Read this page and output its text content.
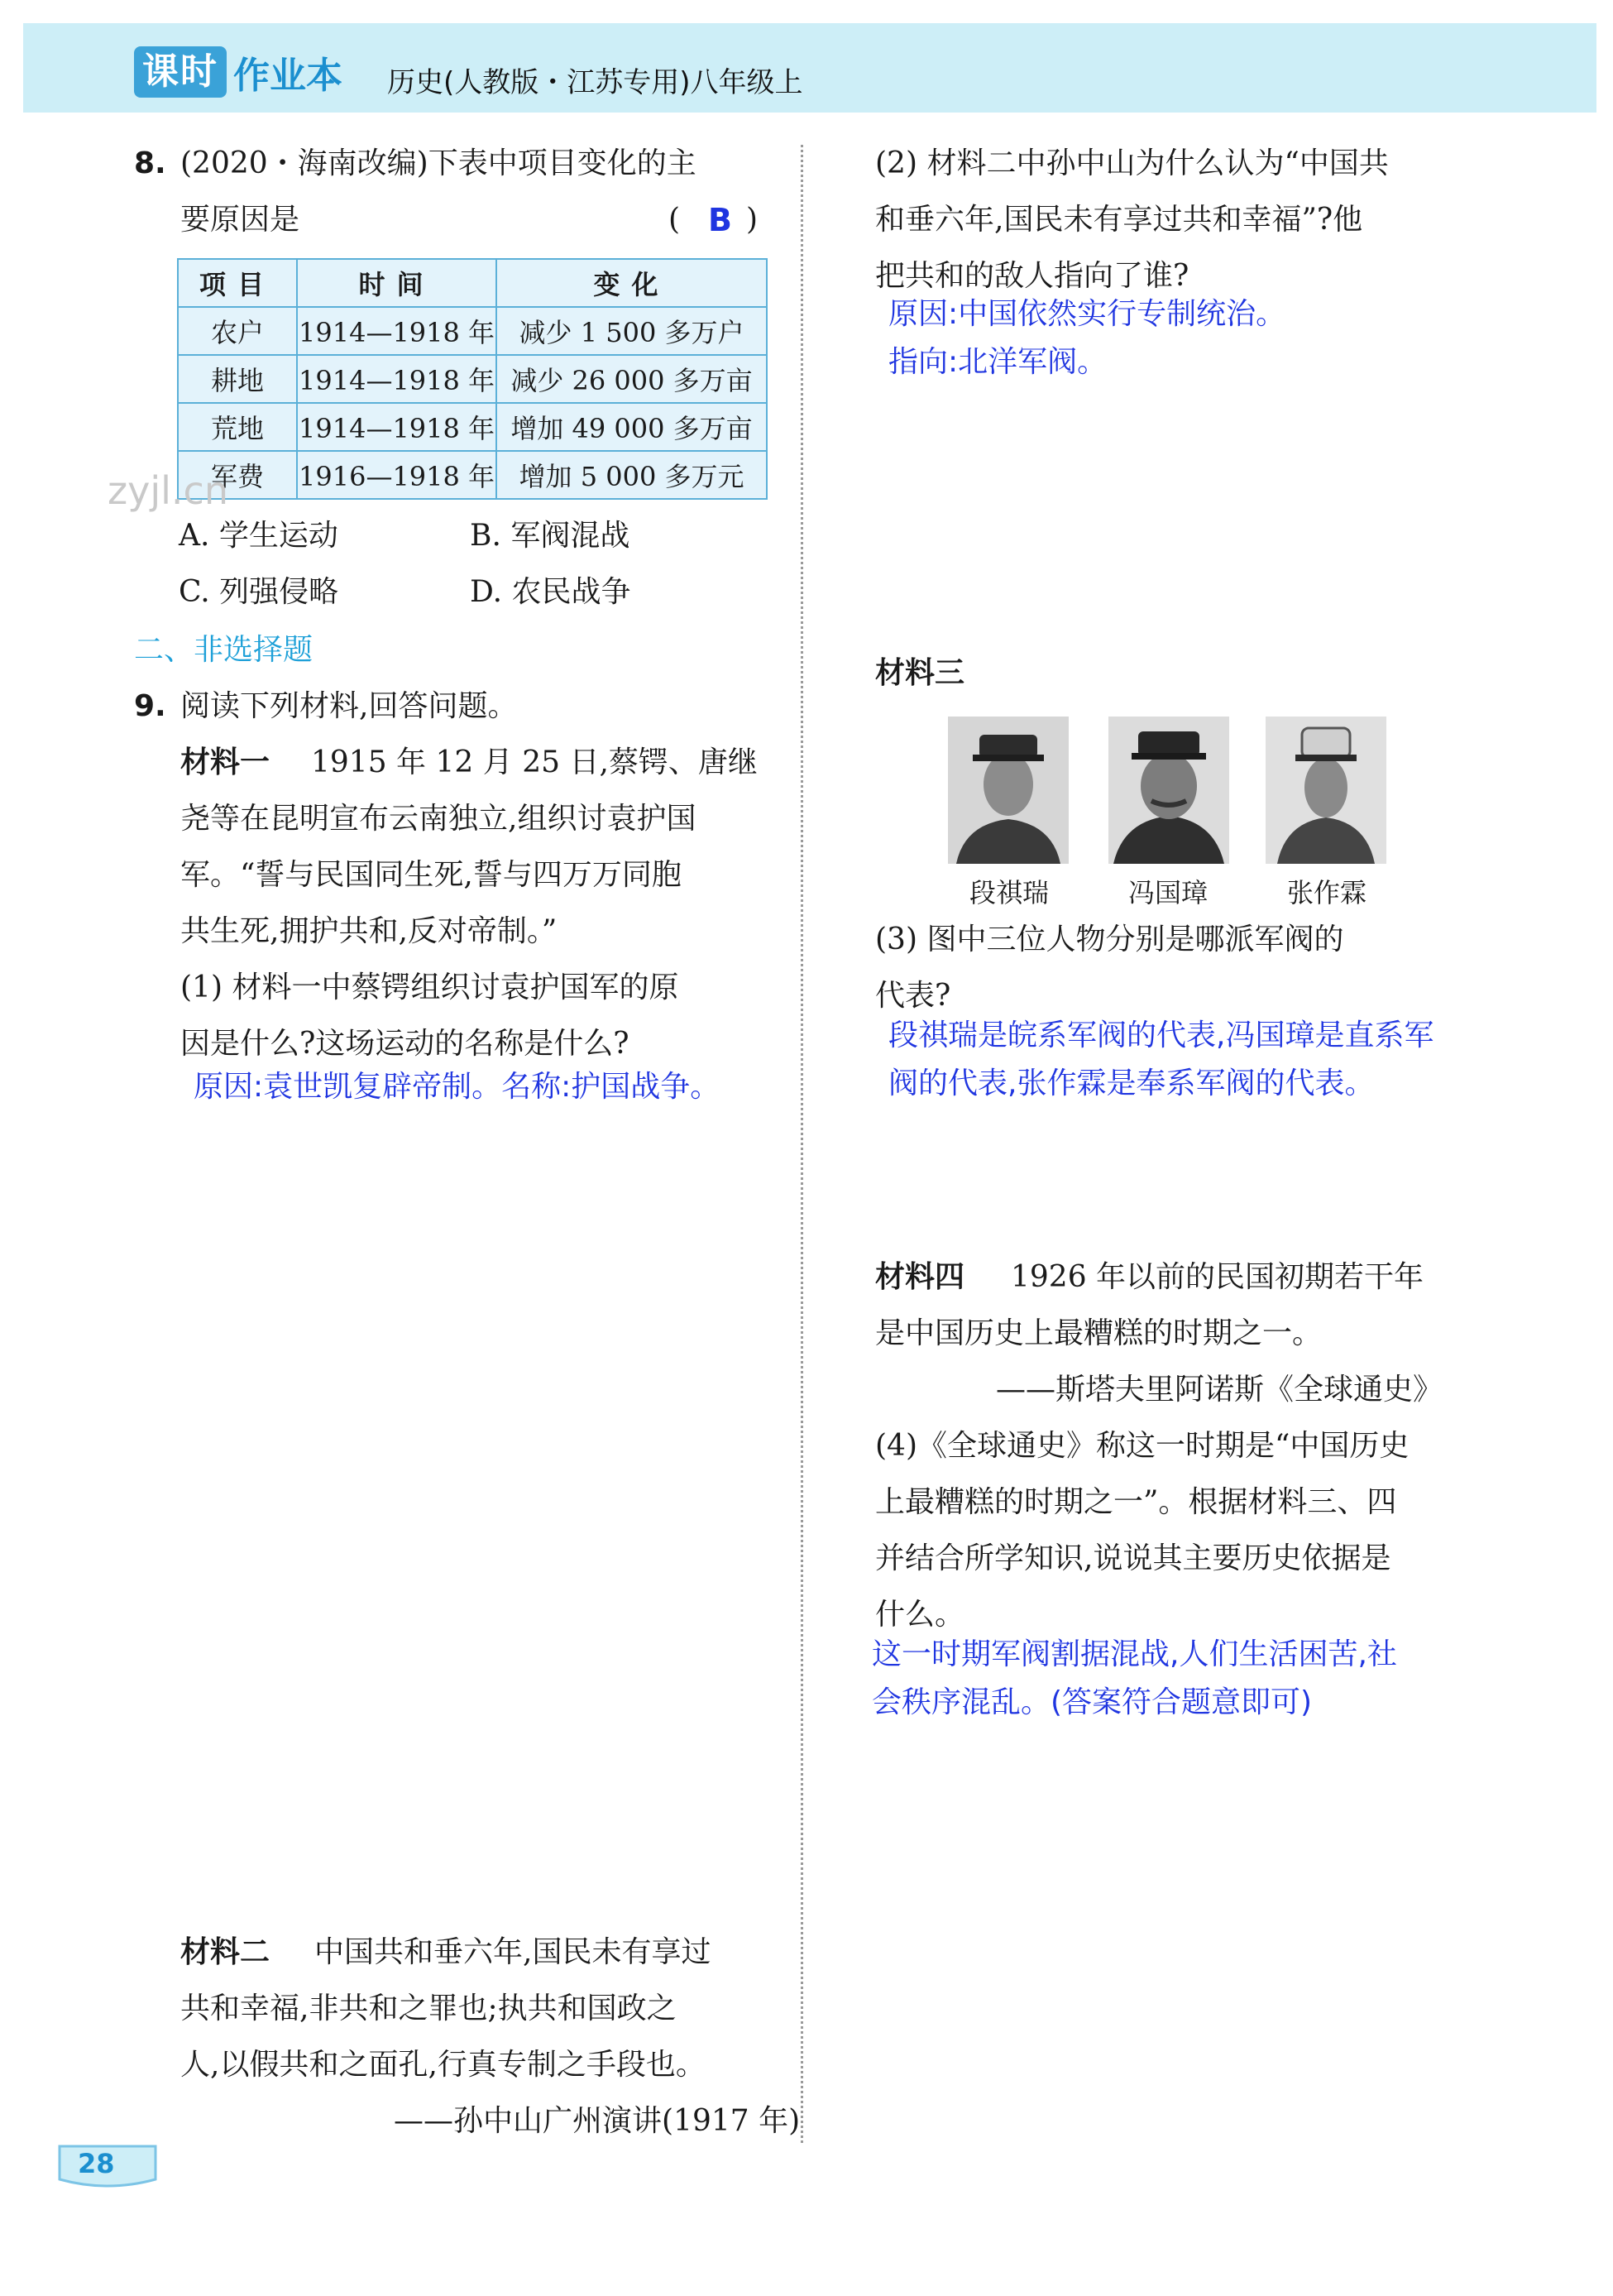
课时 作业本 历史(人教版・江苏专用)八年级上
8. (2020・海南改编)下表中项目变化的主
要原因是	( B )
项目	时间	变化
农户	1914—1918 年	减少 1 500 多万户
耕地	1914—1918 年	减少 26 000 多万亩
荒地	1914—1918 年	增加 49 000 多万亩
军费	1916—1918 年	增加 5 000 多万元
zyjl.cn
A. 学生运动	B. 军阀混战
C. 列强侵略	D. 农民战争
二、非选择题
9. 阅读下列材料,回答问题。
材料一 1915 年 12 月 25 日,蔡锷、唐继
尧等在昆明宣布云南独立,组织讨袁护国
军。“誓与民国同生死,誓与四万万同胞
共生死,拥护共和,反对帝制。”
(1) 材料一中蔡锷组织讨袁护国军的原
因是什么?这场运动的名称是什么?
原因:袁世凯复辟帝制。名称:护国战争。
材料二 中国共和垂六年,国民未有享过
共和幸福,非共和之罪也;执共和国政之
人,以假共和之面孔,行真专制之手段也。
——孙中山广州演讲(1917 年)
(2) 材料二中孙中山为什么认为“中国共
和垂六年,国民未有享过共和幸福”?他
把共和的敌人指向了谁?
原因:中国依然实行专制统治。
指向:北洋军阀。
材料三
段祺瑞	冯国璋	张作霖
(3) 图中三位人物分别是哪派军阀的
代表?
段祺瑞是皖系军阀的代表,冯国璋是直系军
阀的代表,张作霖是奉系军阀的代表。
材料四 1926 年以前的民国初期若干年
是中国历史上最糟糕的时期之一。
——斯塔夫里阿诺斯《全球通史》
(4)《全球通史》称这一时期是“中国历史
上最糟糕的时期之一”。根据材料三、四
并结合所学知识,说说其主要历史依据是
什么。
这一时期军阀割据混战,人们生活困苦,社
会秩序混乱。(答案符合题意即可)
28
